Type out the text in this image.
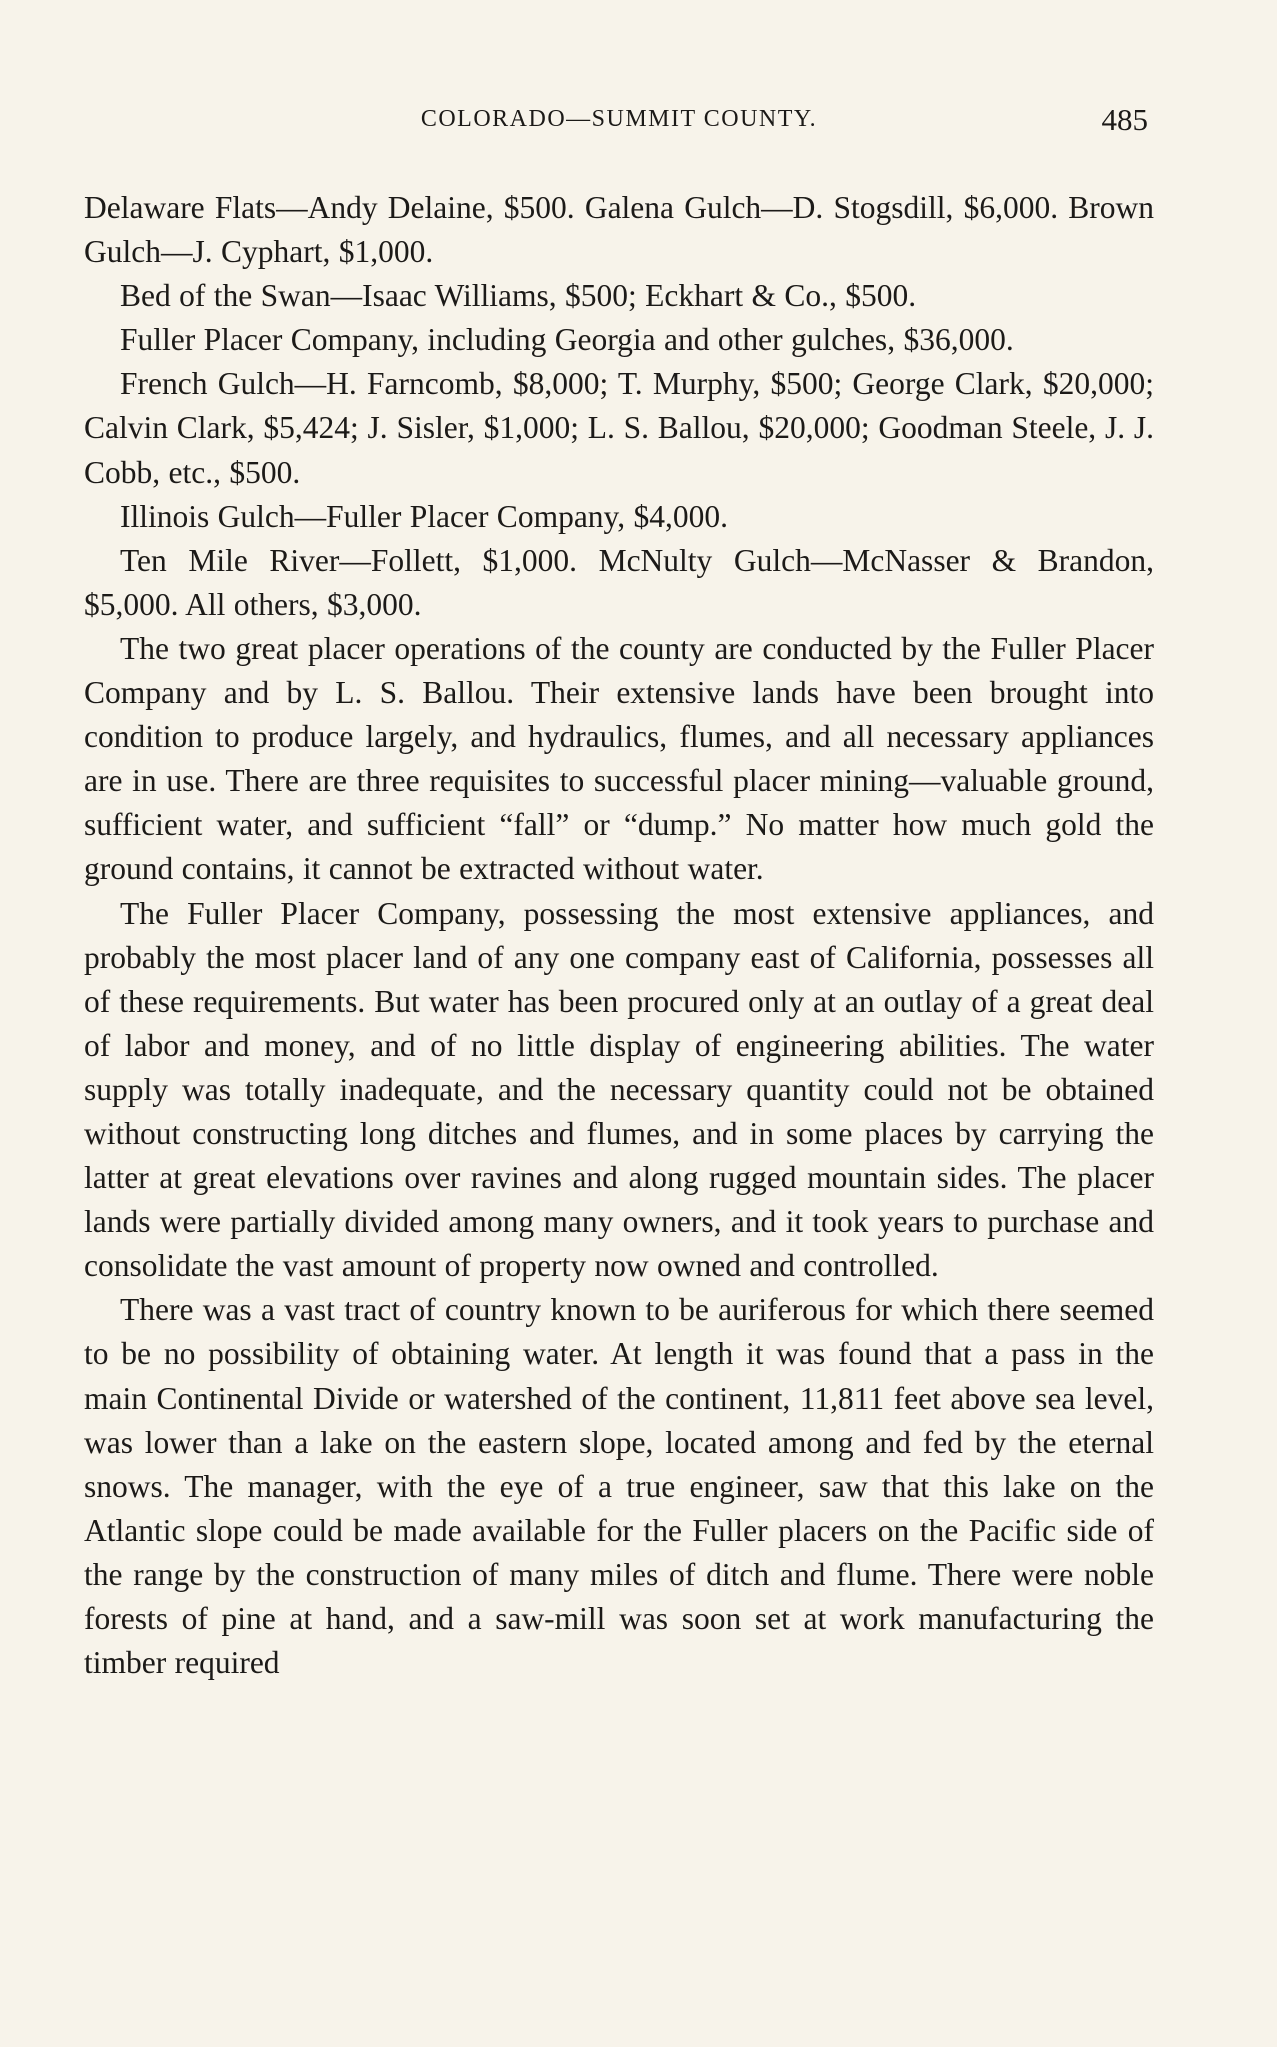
COLORADO—SUMMIT COUNTY.	485

Delaware Flats—Andy Delaine, $500. Galena Gulch—D. Stogsdill, $6,000. Brown Gulch—J. Cyphart, $1,000.

Bed of the Swan—Isaac Williams, $500; Eckhart & Co., $500.

Fuller Placer Company, including Georgia and other gulches, $36,000.

French Gulch—H. Farncomb, $8,000; T. Murphy, $500; George Clark, $20,000; Calvin Clark, $5,424; J. Sisler, $1,000; L. S. Ballou, $20,000; Goodman Steele, J. J. Cobb, etc., $500.

Illinois Gulch—Fuller Placer Company, $4,000.

Ten Mile River—Follett, $1,000. McNulty Gulch—McNasser & Brandon, $5,000. All others, $3,000.

The two great placer operations of the county are conducted by the Fuller Placer Company and by L. S. Ballou. Their extensive lands have been brought into condition to produce largely, and hydraulics, flumes, and all necessary appliances are in use. There are three requisites to successful placer mining—valuable ground, sufficient water, and sufficient “fall” or “dump.” No matter how much gold the ground contains, it cannot be extracted without water.

The Fuller Placer Company, possessing the most extensive appliances, and probably the most placer land of any one company east of California, possesses all of these requirements. But water has been procured only at an outlay of a great deal of labor and money, and of no little display of engineering abilities. The water supply was totally inadequate, and the necessary quantity could not be obtained without constructing long ditches and flumes, and in some places by carrying the latter at great elevations over ravines and along rugged mountain sides. The placer lands were partially divided among many owners, and it took years to purchase and consolidate the vast amount of property now owned and controlled.

There was a vast tract of country known to be auriferous for which there seemed to be no possibility of obtaining water. At length it was found that a pass in the main Continental Divide or watershed of the continent, 11,811 feet above sea level, was lower than a lake on the eastern slope, located among and fed by the eternal snows. The manager, with the eye of a true engineer, saw that this lake on the Atlantic slope could be made available for the Fuller placers on the Pacific side of the range by the construction of many miles of ditch and flume. There were noble forests of pine at hand, and a saw-mill was soon set at work manufacturing the timber required
